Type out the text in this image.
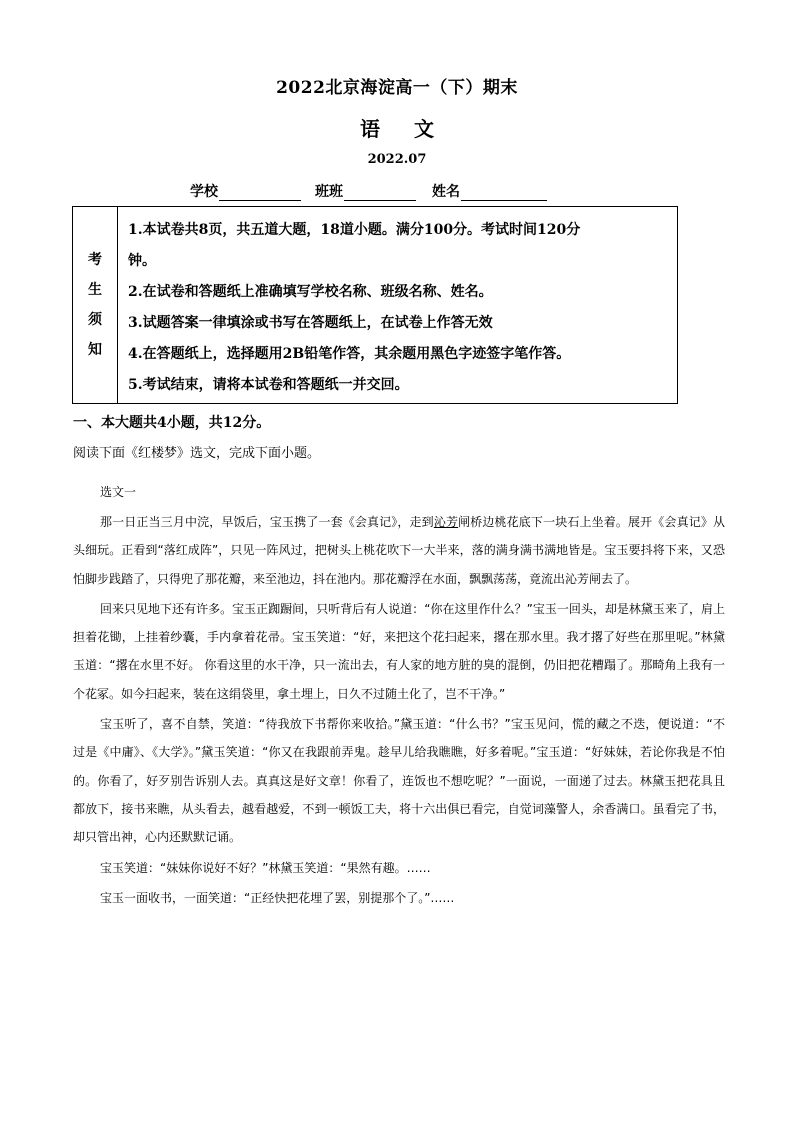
2022北京海淀高一（下）期末
语文
2022.07
学校	班班	姓名
考
生
须
知
1.本试卷共8页，共五道大题，18道小题。满分100分。考试时间120分
钟。
2.在试卷和答题纸上准确填写学校名称、班级名称、姓名。
3.试题答案一律填涂或书写在答题纸上，在试卷上作答无效
4.在答题纸上，选择题用2B铅笔作答，其余题用黑色字迹签字笔作答。
5.考试结束，请将本试卷和答题纸一并交回。
一、本大题共4小题，共12分。
阅读下面《红楼梦》选文，完成下面小题。
选文一

那一日正当三月中浣，早饭后，宝玉携了一套《会真记》，走到沁芳闸桥边桃花底下一块石上坐着。展开《会真记》从头细玩。正看到“落红成阵”，只见一阵风过，把树头上桃花吹下一大半来，落的满身满书满地皆是。宝玉要抖将下来，又恐怕脚步践踏了，只得兜了那花瓣，来至池边，抖在池内。那花瓣浮在水面，飘飘荡荡，竟流出沁芳闸去了。

回来只见地下还有许多。宝玉正踟蹰间，只听背后有人说道：“你在这里作什么？”宝玉一回头，却是林黛玉来了，肩上担着花锄，上挂着纱囊，手内拿着花帚。宝玉笑道：“好，来把这个花扫起来，撂在那水里。我才撂了好些在那里呢。”林黛玉道：“撂在水里不好。 你看这里的水干净，只一流出去，有人家的地方脏的臭的混倒，仍旧把花糟蹋了。那畸角上我有一个花冢。如今扫起来，装在这绢袋里，拿土埋上，日久不过随土化了，岂不干净。”

宝玉听了，喜不自禁，笑道：“待我放下书帮你来收拾。”黛玉道：“什么书？”宝玉见问，慌的藏之不迭，便说道：“不过是《中庸》、《大学》。”黛玉笑道：“你又在我跟前弄鬼。趁早儿给我瞧瞧，好多着呢。”宝玉道：“好妹妹，若论你我是不怕的。你看了，好歹别告诉别人去。真真这是好文章！你看了，连饭也不想吃呢？”一面说，一面递了过去。林黛玉把花具且都放下，接书来瞧，从头看去，越看越爱，不到一顿饭工夫，将十六出俱已看完，自觉词藻警人，余香满口。虽看完了书，却只管出神，心内还默默记诵。

宝玉笑道：“妹妹你说好不好？”林黛玉笑道：“果然有趣。……

宝玉一面收书，一面笑道：“正经快把花埋了罢，别提那个了。”……
